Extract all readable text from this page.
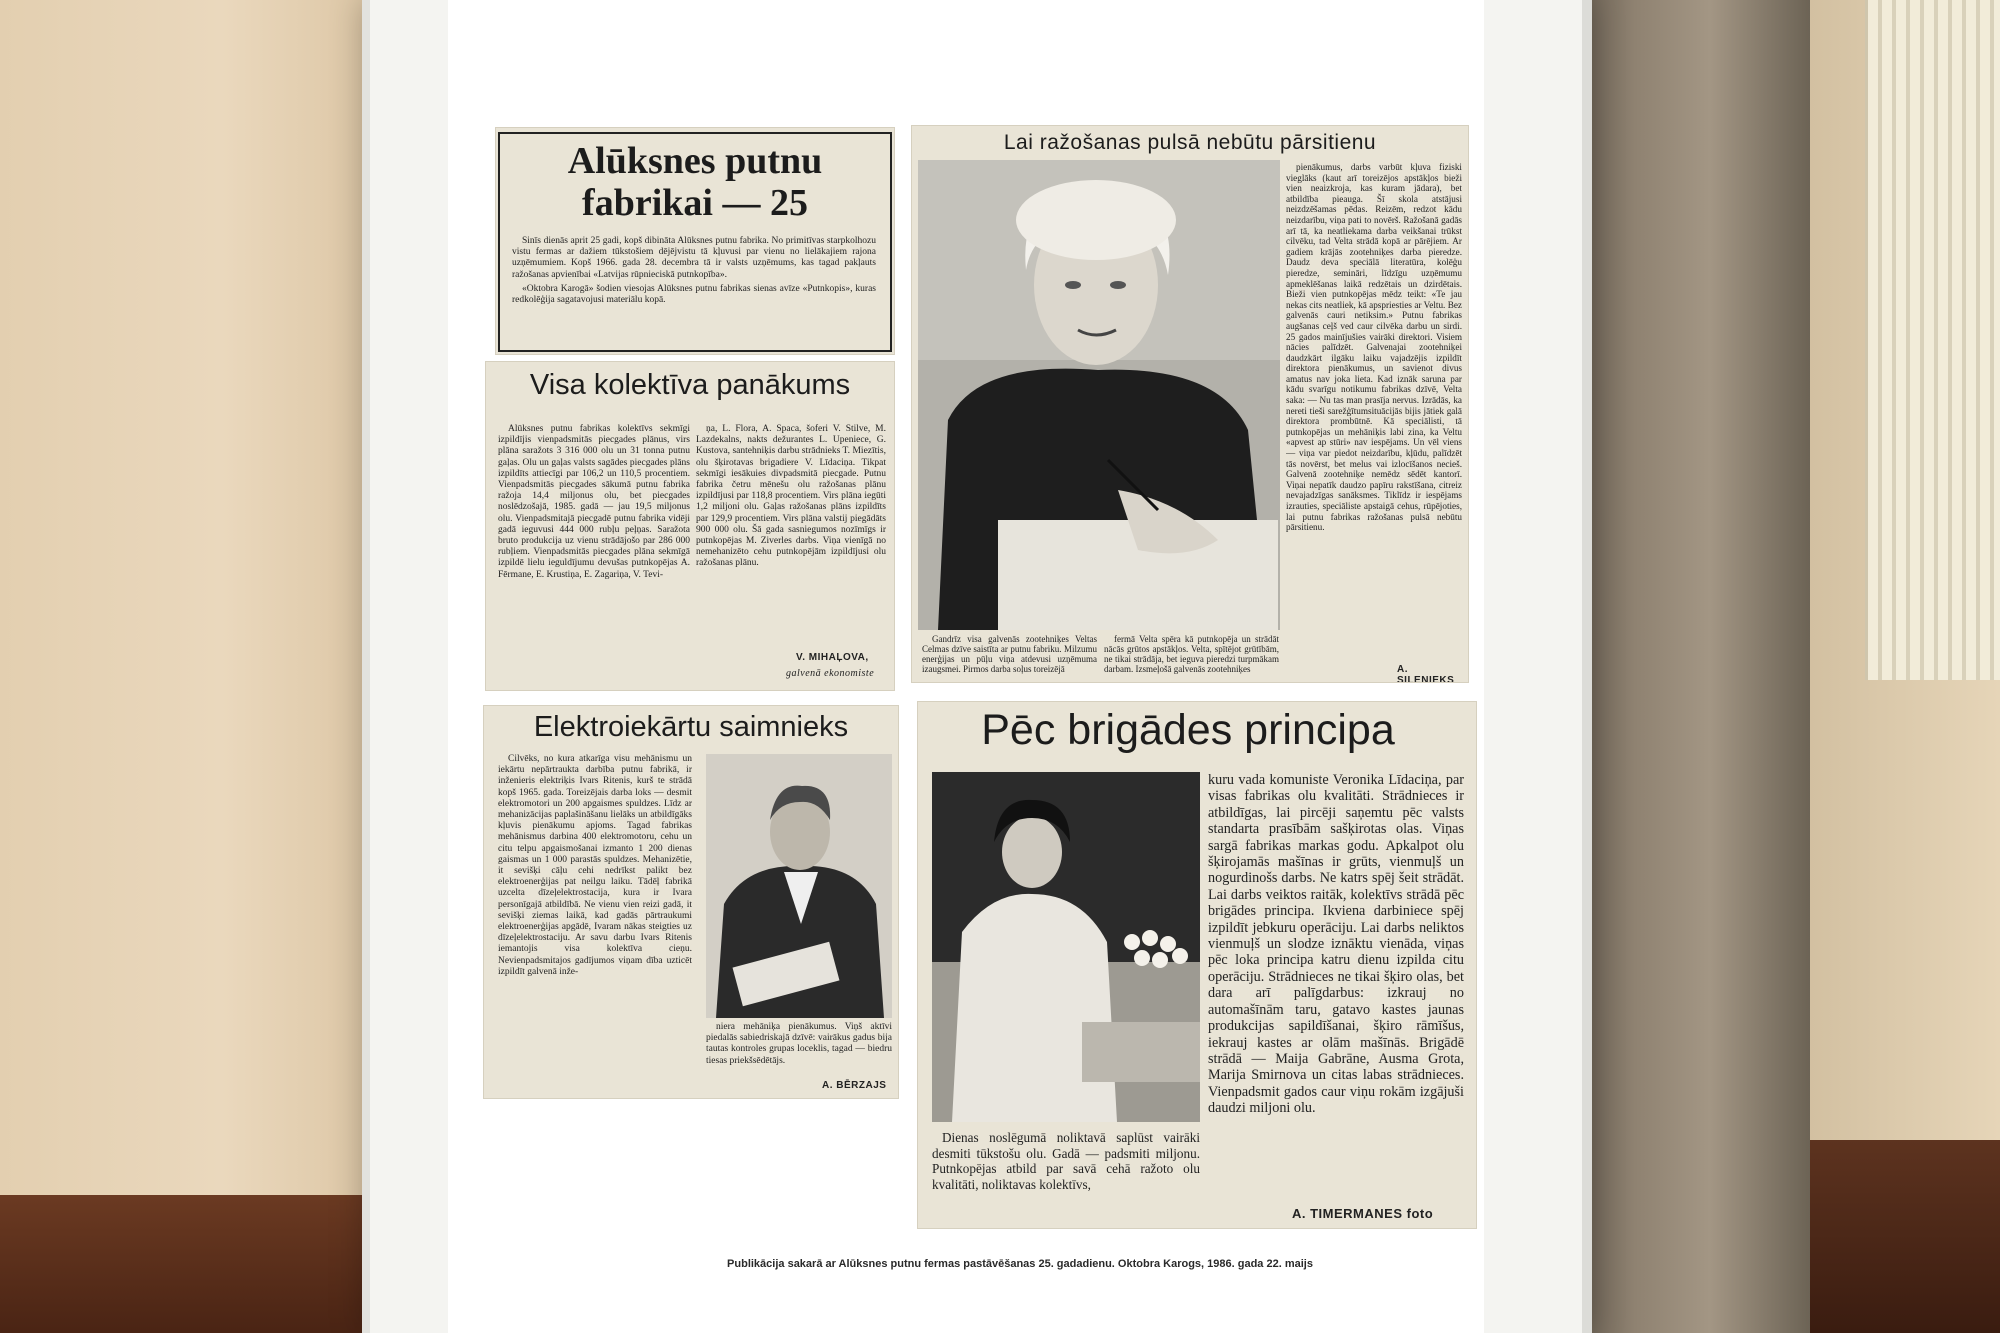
Alūksnes putnu
fabrikai — 25

Šinīs dienās aprit 25 gadi, kopš dibināta Alūksnes putnu fabrika. No primitīvas starpkolhozu vistu fermas ar dažiem tūkstošiem dējējvistu tā kļuvusi par vienu no lielākajiem rajona uzņēmumiem. Kopš 1966. gada 28. decembra tā ir valsts uzņēmums, kas tagad pakļauts ražošanas apvienībai «Latvijas rūpnieciskā putnkopība».

«Oktobra Karogā» šodien viesojas Alūksnes putnu fabrikas sienas avīze «Putnkopis», kuras redkolēģija sagatavojusi materiālu kopā.

Visa kolektīva panākums

Alūksnes putnu fabrikas kolektīvs sekmīgi izpildījis vienpadsmitās piecgades plānus, virs plāna saražots 3 316 000 olu un 31 tonna putnu gaļas. Olu un gaļas valsts sagādes piecgades plāns izpildīts attiecīgi par 106,2 un 110,5 procentiem. Vienpadsmitās piecgades sākumā putnu fabrika ražoja 14,4 miljonus olu, bet piecgades noslēdzošajā, 1985. gadā — jau 19,5 miljonus olu. Vienpadsmitajā piecgadē putnu fabrika vidēji gadā ieguvusi 444 000 rubļu peļņas. Saražota bruto produkcija uz vienu strādājošo par 286 000 rubļiem. Vienpadsmitās piecgades plāna sekmīgā izpildē lielu ieguldījumu devušas putnkopējas A. Fērmane, E. Krustiņa, E. Zagariņa, V. Tevi-

ņa, L. Flora, A. Spaca, šoferi V. Stilve, M. Lazdekalns, nakts dežurantes L. Upeniece, G. Kustova, santehniķis darbu strādnieks T. Miezītis, olu šķirotavas brigadiere V. Līdaciņa. Tikpat sekmīgi iesākuies divpadsmitā piecgade. Putnu fabrika četru mēnešu olu ražošanas plānu izpildījusi par 118,8 procentiem. Virs plāna iegūti 1,2 miljoni olu. Gaļas ražošanas plāns izpildīts par 129,9 procentiem. Virs plāna valstij piegādāts 900 000 olu. Šā gada sasniegumos nozīmīgs ir putnkopējas M. Ziverles darbs. Viņa vienīgā no nemehanizēto cehu putnkopējām izpildījusi olu ražošanas plānu.

V. MIHAĻOVA,
galvenā ekonomiste
Lai ražošanas pulsā nebūtu pārsitienu

pienākumus, darbs varbūt kļuva fiziski vieglāks (kaut arī toreizējos apstākļos bieži vien neaizkroja, kas kuram jādara), bet atbildība pieauga. Šī skola atstājusi neizdzēšamas pēdas. Reizēm, redzot kādu neizdarību, viņa pati to novērš. Ražošanā gadās arī tā, ka neatliekama darba veikšanai trūkst cilvēku, tad Velta strādā kopā ar pārējiem. Ar gadiem krājās zootehniķes darba pieredze. Daudz deva speciālā literatūra, kolēģu pieredze, semināri, līdzīgu uzņēmumu apmeklēšanas laikā redzētais un dzirdētais. Bieži vien putnkopējas mēdz teikt: «Te jau nekas cits neatliek, kā apspriesties ar Veltu. Bez galvenās cauri netiksim.» Putnu fabrikas augšanas ceļš ved caur cilvēka darbu un sirdi. 25 gados mainījušies vairāki direktori. Visiem nācies palīdzēt. Galvenajai zootehniķei daudzkārt ilgāku laiku vajadzējis izpildīt direktora pienākumus, un savienot divus amatus nav joka lieta. Kad iznāk saruna par kādu svarīgu notikumu fabrikas dzīvē, Velta saka: — Nu tas man prasīja nervus. Izrādās, ka nereti tieši sarežģītumsituācijās bijis jātiek galā direktora prombūtnē. Kā speciālisti, tā putnkopējas un mehāniķis labi zina, ka Veltu «apvest ap stūri» nav iespējams. Un vēl viens — viņa var piedot neizdarību, kļūdu, palīdzēt tās novērst, bet melus vai izlocīšanos necieš. Galvenā zootehniķe nemēdz sēdēt kantorī. Viņai nepatīk daudzo papīru rakstīšana, citreiz nevajadzīgas sanāksmes. Tiklīdz ir iespējams izrauties, speciāliste apstaigā cehus, rūpējoties, lai putnu fabrikas ražošanas pulsā nebūtu pārsitienu.

Gandrīz visa galvenās zootehniķes Veltas Celmas dzīve saistīta ar putnu fabriku. Milzumu enerģijas un pūļu viņa atdevusi uzņēmuma izaugsmei. Pirmos darba soļus toreizējā

fermā Velta spēra kā putnkopēja un strādāt nācās grūtos apstākļos. Velta, spītējot grūtībām, ne tikai strādāja, bet ieguva pieredzi turpmākam darbam. Izsmeļošā galvenās zootehniķes	A. SILENIEKS
Elektroiekārtu saimnieks

Cilvēks, no kura atkarīga visu mehānismu un iekārtu nepārtraukta darbība putnu fabrikā, ir inženieris elektriķis Ivars Ritenis, kurš te strādā kopš 1965. gada. Toreizējais darba loks — desmit elektromotori un 200 apgaismes spuldzes. Līdz ar mehanizācijas paplašināšanu lielāks un atbildīgāks kļuvis pienākumu apjoms. Tagad fabrikas mehānismus darbina 400 elektromotoru, cehu un citu telpu apgaismošanai izmanto 1 200 dienas gaismas un 1 000 parastās spuldzes. Mehanizētie, it sevišķi cāļu cehi nedrīkst palikt bez elektroenerģijas pat neilgu laiku. Tādēļ fabrikā uzcelta dīzeļelektrostacija, kura ir Ivara personīgajā atbildībā. Ne vienu vien reizi gadā, it sevišķi ziemas laikā, kad gadās pārtraukumi elektroenerģijas apgādē, Ivaram nākas steigties uz dīzeļelektrostaciju. Ar savu darbu Ivars Ritenis iemantojis visa kolektīva cieņu. Nevienpadsmitajos gadījumos viņam dība uzticēt izpildīt galvenā inže-

niera mehāniķa pienākumus. Viņš aktīvi piedalās sabiedriskajā dzīvē: vairākus gadus bija tautas kontroles grupas loceklis, tagad — biedru tiesas priekšsēdētājs.

A. BĒRZAJS
Pēc brigādes principa

kuru vada komuniste Veronika Līdaciņa, par visas fabrikas olu kvalitāti. Strādnieces ir atbildīgas, lai pircēji saņemtu pēc valsts standarta prasībām sašķirotas olas. Viņas sargā fabrikas markas godu. Apkalpot olu šķirojamās mašīnas ir grūts, vienmuļš un nogurdinošs darbs. Ne katrs spēj šeit strādāt. Lai darbs veiktos raitāk, kolektīvs strādā pēc brigādes principa. Ikviena darbiniece spēj izpildīt jebkuru operāciju. Lai darbs neliktos vienmuļš un slodze iznāktu vienāda, viņas pēc loka principa katru dienu izpilda citu operāciju. Strādnieces ne tikai šķiro olas, bet dara arī palīgdarbus: izkrauj no automašīnām taru, gatavo kastes jaunas produkcijas sapildīšanai, šķiro rāmīšus, iekrauj kastes ar olām mašīnās. Brigādē strādā — Maija Gabrāne, Ausma Grota, Marija Smirnova un citas labas strādnieces. Vienpadsmit gados caur viņu rokām izgājuši daudzi miljoni olu.

Dienas noslēgumā noliktavā saplūst vairāki desmiti tūkstošu olu. Gadā — padsmiti miljonu. Putnkopējas atbild par savā cehā ražoto olu kvalitāti, noliktavas kolektīvs,

A. TIMERMANES foto
Publikācija sakarā ar Alūksnes putnu fermas pastāvēšanas 25. gadadienu. Oktobra Karogs, 1986. gada 22. maijs
